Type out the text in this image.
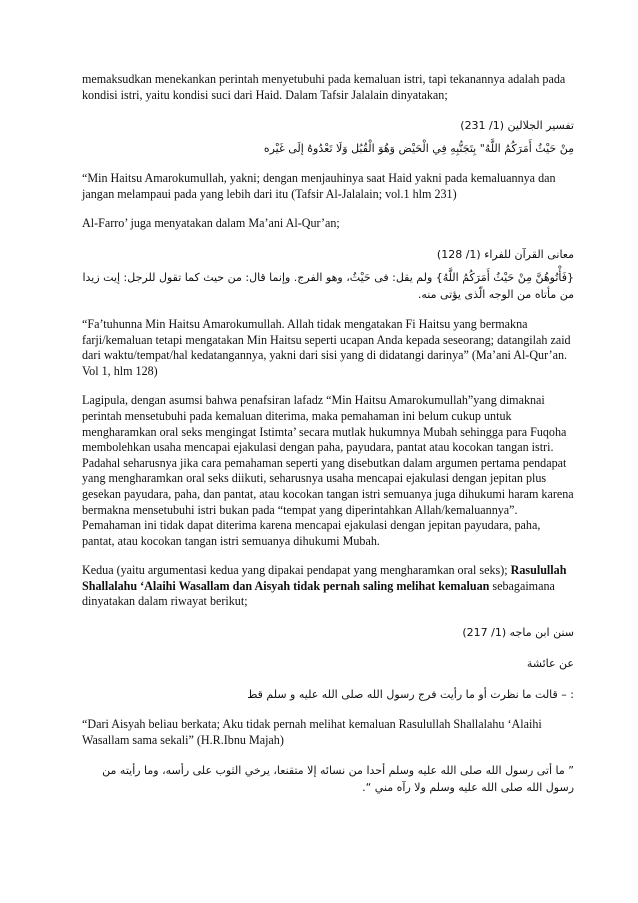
memaksudkan menekankan perintah menyetubuhi pada kemaluan istri, tapi tekanannya adalah pada kondisi istri, yaitu kondisi suci dari Haid. Dalam Tafsir Jalalain dinyatakan;

تفسير الجلالين (1/ 231)

مِنْ حَيْثُ أَمَرَكُمُ اللَّهُ" بِتَجَنُّبِهِ فِي الْحَيْض وَهُوَ الْقُبُل وَلَا تَعْدُوهُ إلَى غَيْره

“Min Haitsu Amarokumullah, yakni; dengan menjauhinya saat Haid yakni pada kemaluannya dan jangan melampaui pada yang lebih dari itu (Tafsir Al-Jalalain; vol.1 hlm 231)

Al-Farro’ juga menyatakan dalam Ma’ani Al-Qur’an;

معانى القرآن للفراء (1/ 128)

{فَأْتُوهُنَّ مِنْ حَيْثُ أَمَرَكُمُ اللَّهُ} ولم يقل: فى حَيْثُ، وهو الفرج. وإنما قال: من حيث كما تقول للرجل: إيت زيدا من مأتاه من الوجه الّذى يؤتى منه.

“Fa’tuhunna Min Haitsu Amarokumullah. Allah tidak mengatakan Fi Haitsu yang bermakna farji/kemaluan tetapi mengatakan Min Haitsu seperti ucapan Anda kepada seseorang; datangilah zaid dari waktu/tempat/hal kedatangannya, yakni dari sisi yang di didatangi darinya” (Ma’ani Al-Qur’an. Vol 1, hlm 128)

Lagipula, dengan asumsi bahwa penafsiran lafadz “Min Haitsu Amarokumullah”yang dimaknai perintah mensetubuhi pada kemaluan diterima, maka pemahaman ini belum cukup untuk mengharamkan oral seks mengingat Istimta’ secara mutlak hukumnya Mubah sehingga para Fuqoha membolehkan usaha mencapai ejakulasi dengan paha, payudara, pantat atau kocokan tangan istri. Padahal seharusnya jika cara pemahaman seperti yang disebutkan dalam argumen pertama pendapat yang mengharamkan oral seks diikuti, seharusnya usaha mencapai ejakulasi dengan jepitan plus gesekan payudara, paha, dan pantat, atau kocokan tangan istri semuanya juga dihukumi haram karena bermakna mensetubuhi istri bukan pada “tempat yang diperintahkan Allah/kemaluannya”. Pemahaman ini tidak dapat diterima karena mencapai ejakulasi dengan jepitan payudara, paha, pantat, atau kocokan tangan istri semuanya dihukumi Mubah.

Kedua (yaitu argumentasi kedua yang dipakai pendapat yang mengharamkan oral seks); Rasulullah Shallalahu ‘Alaihi Wasallam dan Aisyah tidak pernah saling melihat kemaluan sebagaimana dinyatakan dalam riwayat berikut;

سنن ابن ماجه (1/ 217)

عن عائشة

: – قالت ما نظرت أو ما رأيت فرج رسول الله صلى الله عليه و سلم قط

“Dari Aisyah beliau berkata; Aku tidak pernah melihat kemaluan Rasulullah Shallalahu ‘Alaihi Wasallam sama sekali” (H.R.Ibnu Majah)

” ما أتى رسول الله صلى الله عليه وسلم أحدا من نسائه إلا متقنعا، يرخي الثوب على رأسه، وما رأيته من رسول الله صلى الله عليه وسلم ولا رآه مني “.
